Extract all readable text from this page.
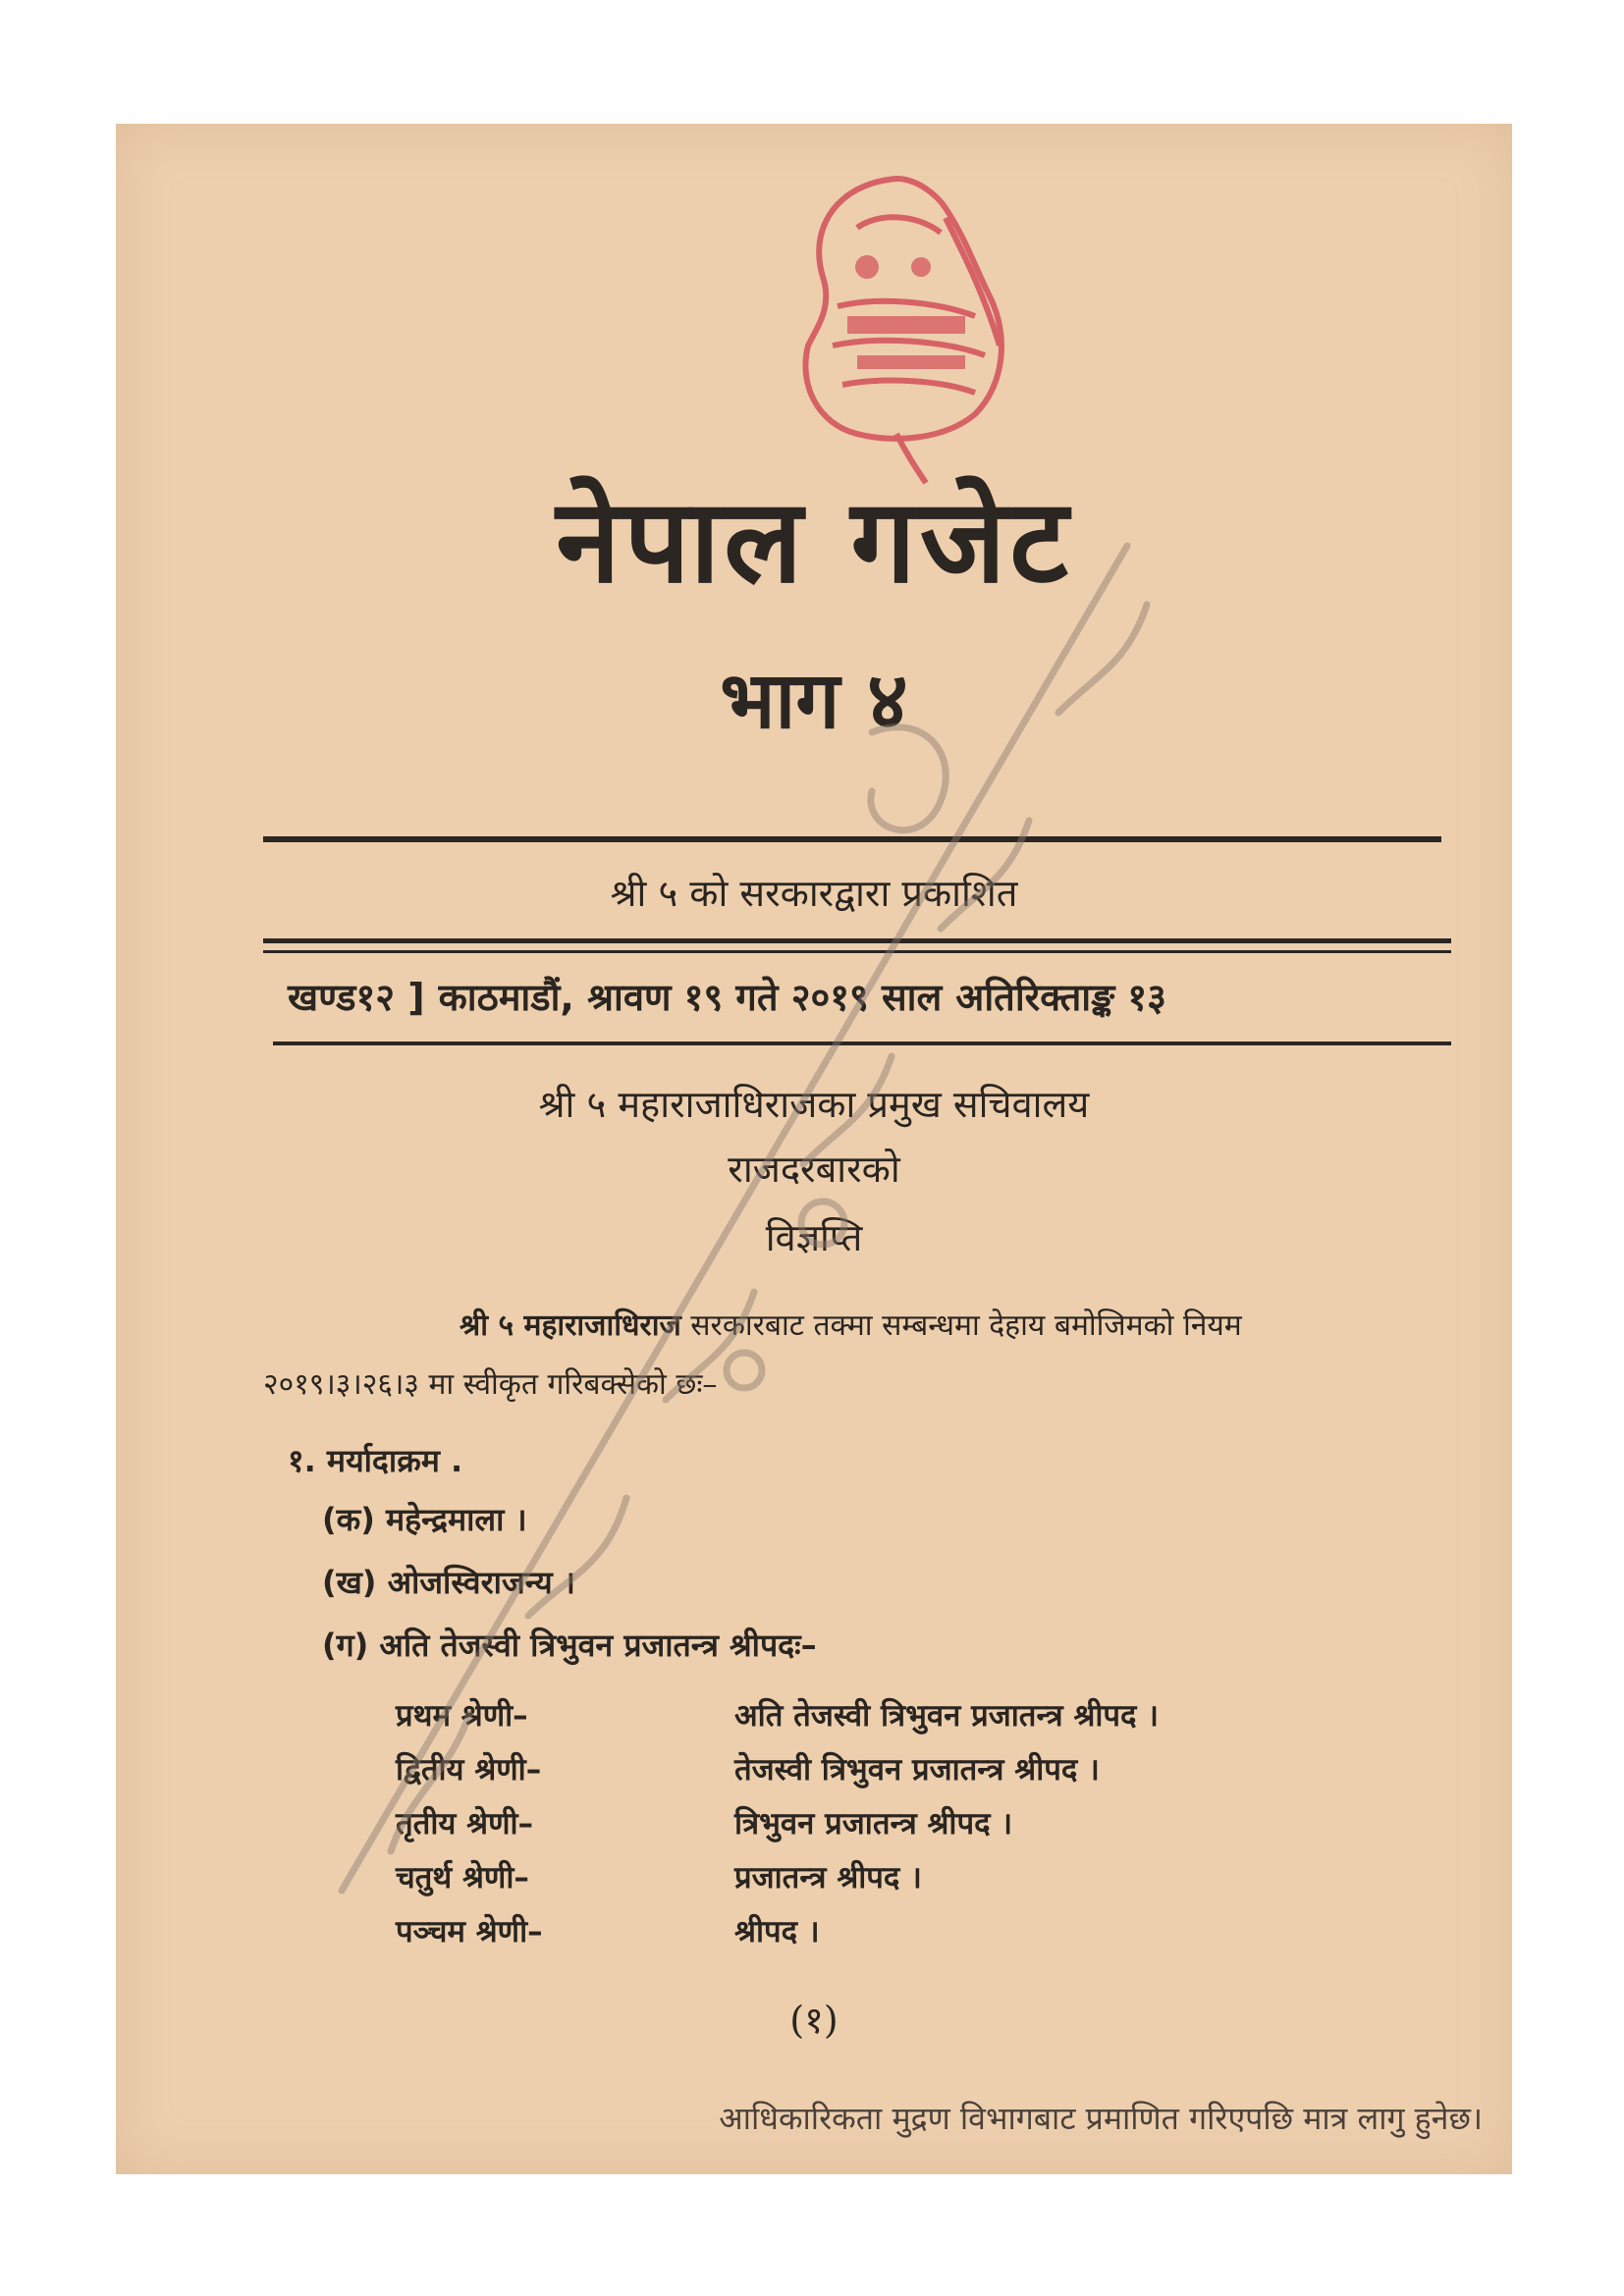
नेपाल गजेट
भाग ४
श्री ५ को सरकारद्वारा प्रकाशित
खण्ड१२ ] काठमाडौं, श्रावण १९ गते २०१९ साल अतिरिक्ताङ्क १३
श्री ५ महाराजाधिराजका प्रमुख सचिवालय
राजदरबारको
विज्ञप्ति
श्री ५ महाराजाधिराज सरकारबाट तक्मा सम्बन्धमा देहाय बमोजिमको नियम
२०१९।३।२६।३ मा स्वीकृत गरिबक्सेको छः–
१. मर्यादाक्रम .
(क) महेन्द्रमाला ।
(ख) ओजस्विराजन्य ।
(ग) अति तेजस्वी त्रिभुवन प्रजातन्त्र श्रीपदः–
प्रथम श्रेणी–	अति तेजस्वी त्रिभुवन प्रजातन्त्र श्रीपद ।
द्वितीय श्रेणी–	तेजस्वी त्रिभुवन प्रजातन्त्र श्रीपद ।
तृतीय श्रेणी–	त्रिभुवन प्रजातन्त्र श्रीपद ।
चतुर्थ श्रेणी–	प्रजातन्त्र श्रीपद ।
पञ्चम श्रेणी–	श्रीपद ।
(१)
आधिकारिकता मुद्रण विभागबाट प्रमाणित गरिएपछि मात्र लागु हुनेछ।
